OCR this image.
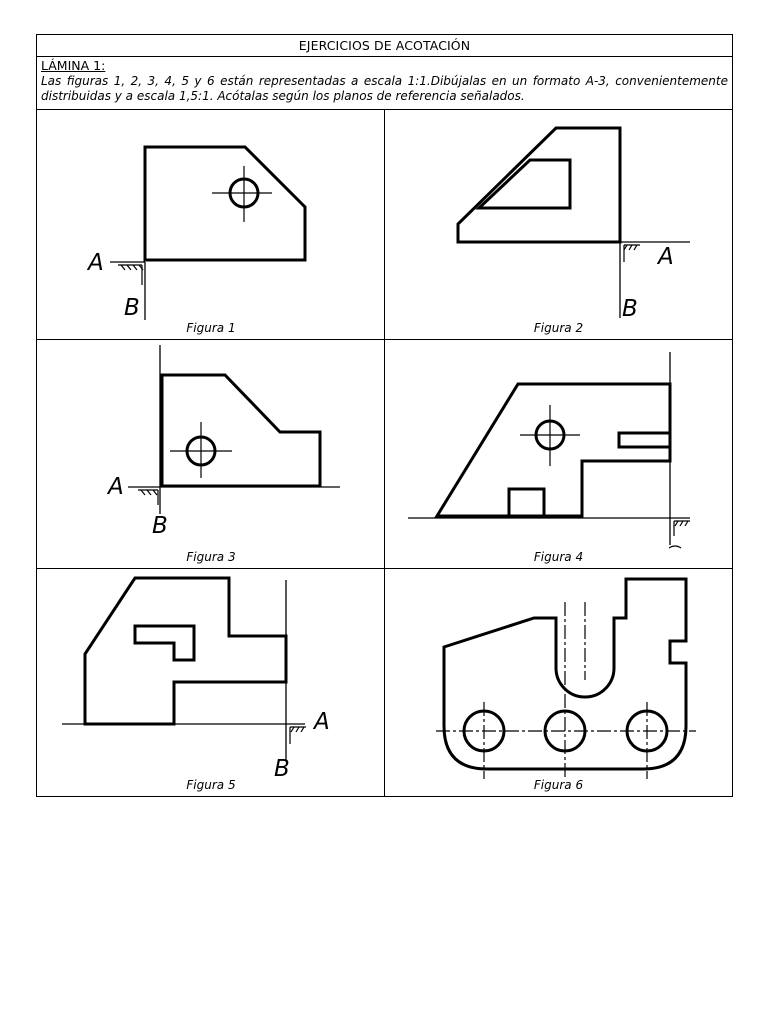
EJERCICIOS DE ACOTACIÓN
LÁMINA 1:
Las figuras 1, 2, 3, 4, 5 y 6 están representadas a escala 1:1.Dibújalas en un formato A-3, convenientemente distribuidas y a escala 1,5:1. Acótalas según los planos de referencia señalados.
Figura 1	Figura 2
Figura 3	Figura 4
Figura 5	Figura 6
A
B
A
B
A
B
A
B
